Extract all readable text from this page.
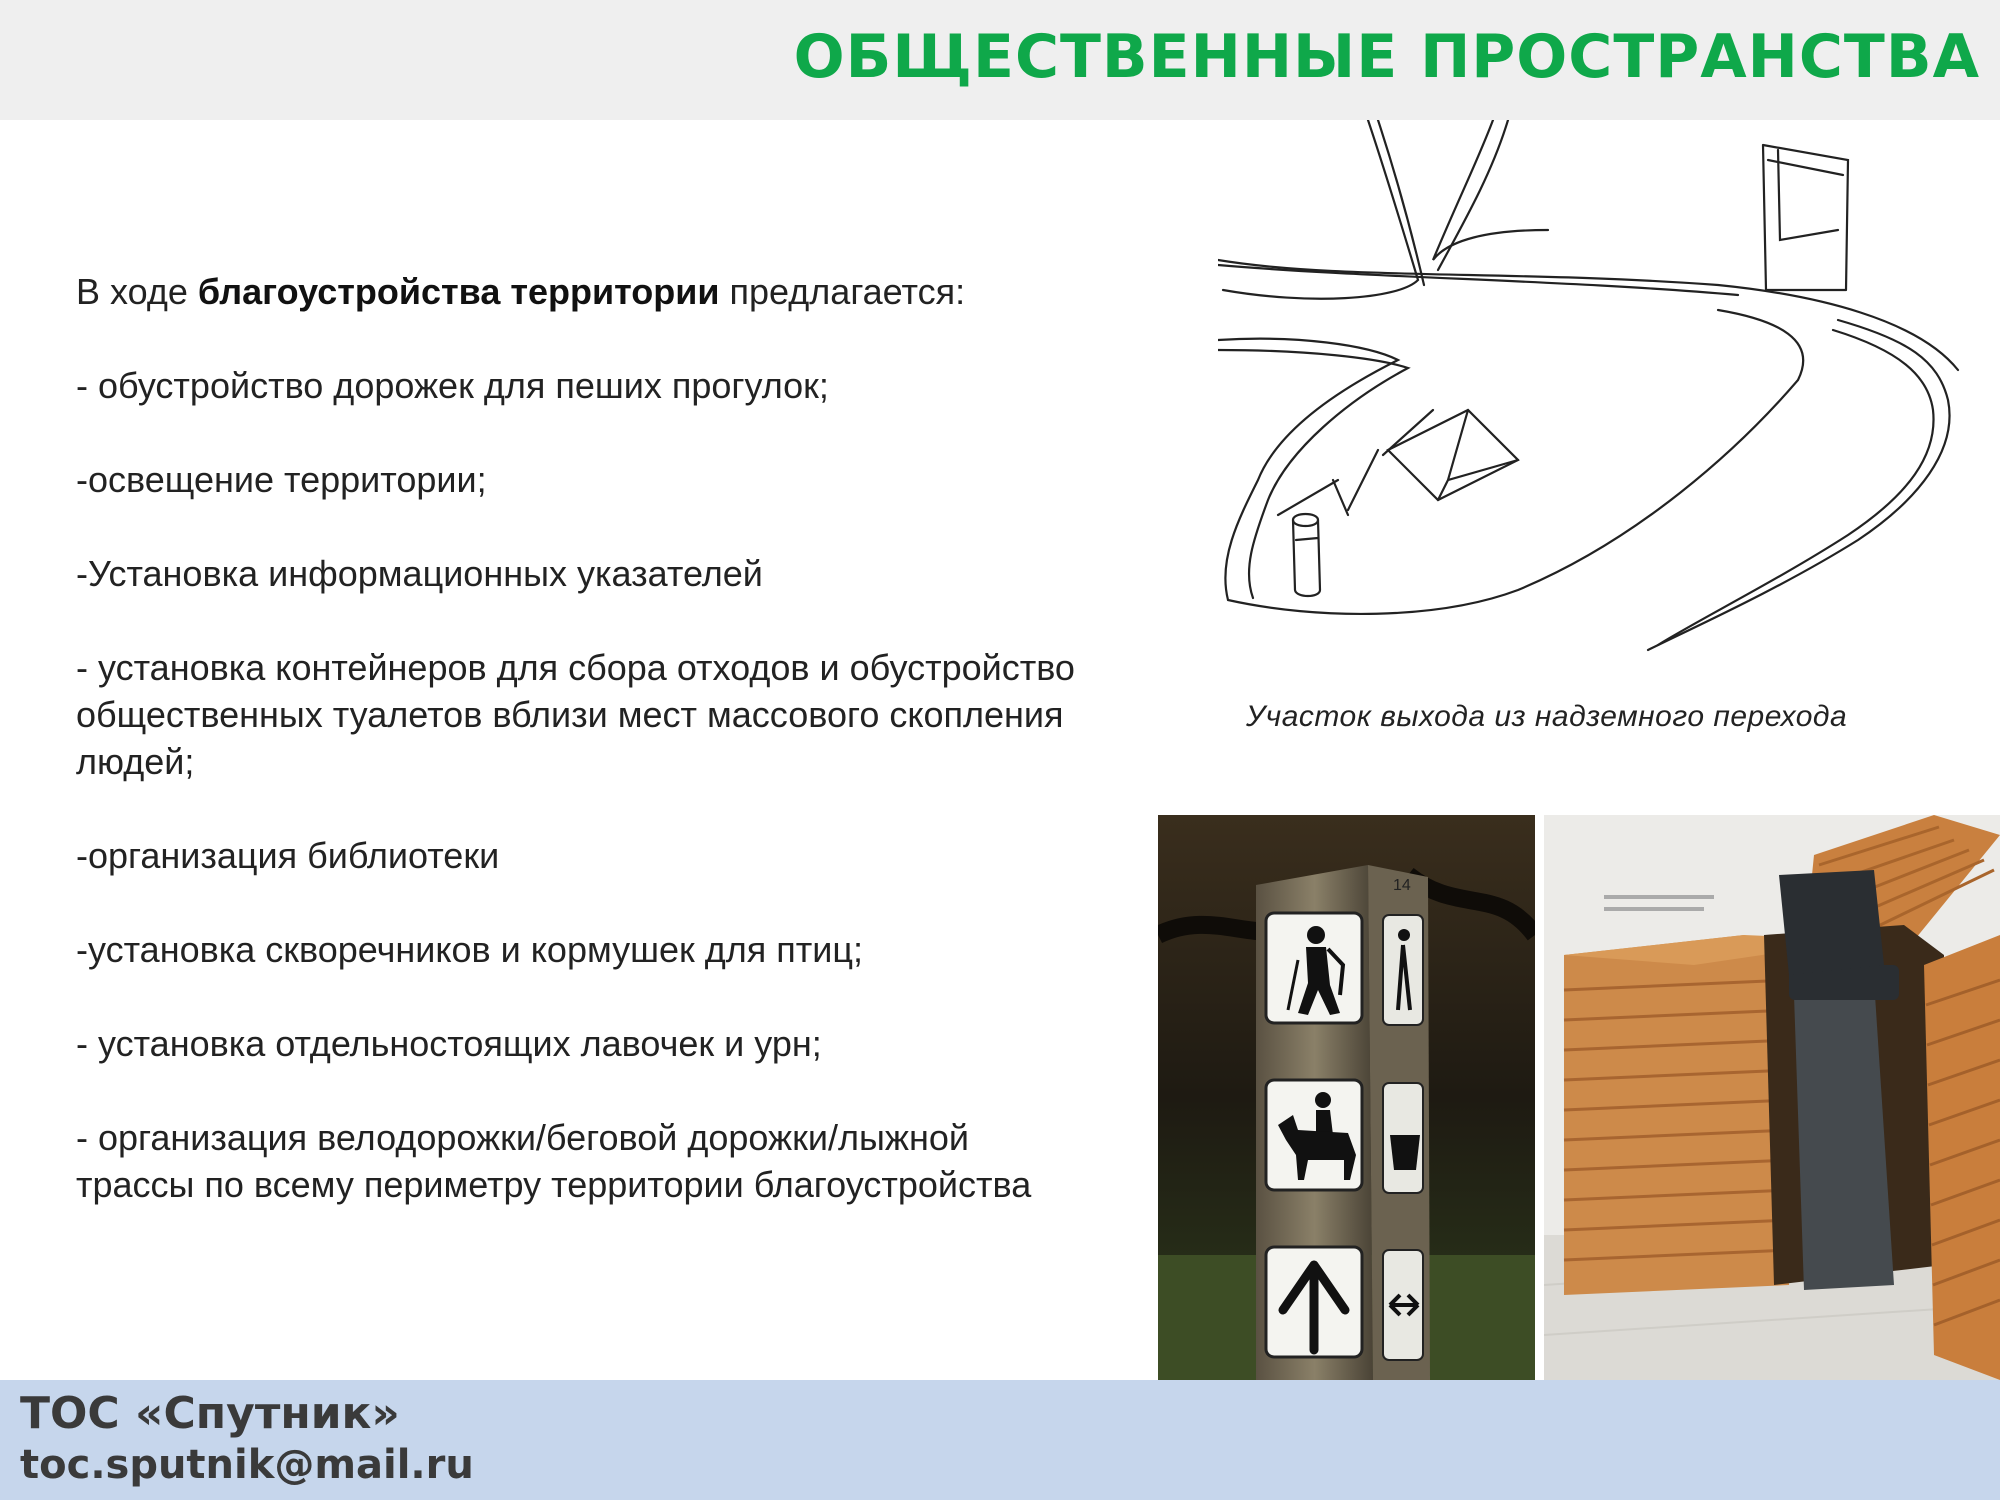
ОБЩЕСТВЕННЫЕ ПРОСТРАНСТВА

В ходе благоустройства территории предлагается:

- обустройство дорожек для пеших прогулок;

-освещение территории;

-Установка информационных указателей

- установка контейнеров для сбора отходов и обустройство общественных туалетов вблизи мест массового скопления людей;

-организация библиотеки

-установка скворечников и кормушек для птиц;

- установка отдельностоящих лавочек и урн;

- организация велодорожки/беговой дорожки/лыжной трассы по всему периметру территории благоустройства

Участок выхода из надземного перехода
14
ТОС «Спутник»
toc.sputnik@mail.ru
